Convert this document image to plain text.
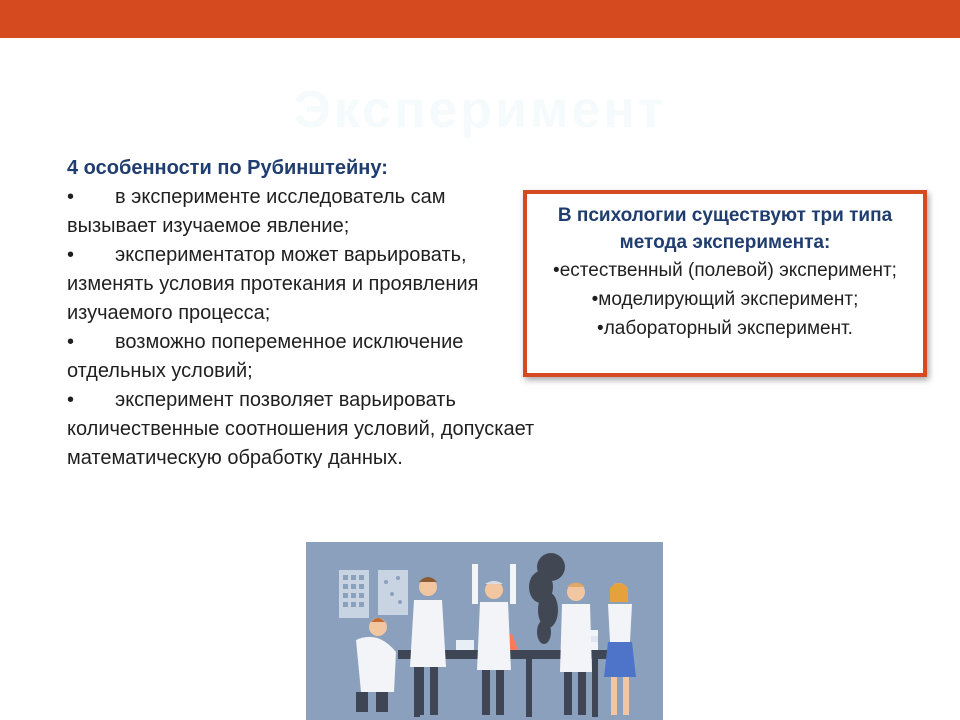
Эксперимент
4 особенности по Рубинштейну:
• в эксперименте исследователь сам вызывает изучаемое явление;
• экспериментатор может варьировать, изменять условия протекания и проявления изучаемого процесса;
• возможно попеременное исключение отдельных условий;
• эксперимент позволяет варьировать количественные соотношения условий, допускает математическую обработку данных.
В психологии существуют три типа метода эксперимента:
•естественный (полевой) эксперимент;
•моделирующий эксперимент;
•лабораторный эксперимент.
